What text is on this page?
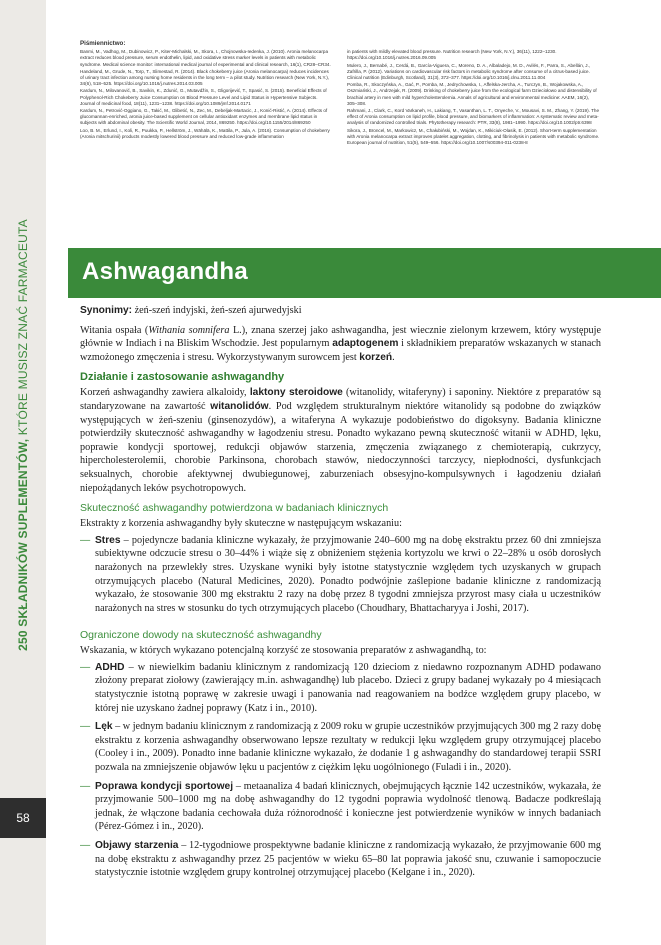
250 SKŁADNIKÓW SUPLEMENTÓW, KTÓRE MUSISZ ZNAĆ FARMACEUTA
58
Piśmiennictwo:
Banmi, M., Vadhog, M., Dubinowicz, P., Kiter-Michalski, M., Skora, I., Chojnowska-Iedenka, J. (2010). Aronia melanocarpa extract reduces blood pressure, serum endothelin, lipid, and oxidative stress marker levels in patients with metabolic syndrome. Medical science monitor: international medical journal of experimental and clinical research, 16(1), CR28–CR34.
Handeland, M., Grude, N., Torp, T., Slimestad, R. (2014). Black chokeberry juice (Aronia melanocarpa) reduces incidences of urinary tract infection among nursing home residents in the long term – a pilot study. Nutrition research (New York, N.Y.), 34(6), 518–525. https://doi.org/10.1016/j.nutres.2014.03.005
Kardum, N., Milovanović, B., Savikin, K., Zdunić, G., Mutavdžin, S., Gligorijević, T., Spasić, S. (2015). Beneficial Effects of Polyphenol-Rich Chokeberry Juice Consumption on Blood Pressure Level and Lipid Status in Hypertensive Subjects. Journal of medicinal food, 18(11), 1231–1238. https://doi.org/10.1089/jmf.2014.0171
Kardum, N., Petrović-Oggiano, G., Takić, M., Glibetić, N., Zec, M., Debeljak-Martacic, J., Konić-Ristić, A. (2014). Effects of glucomannan-enriched, aronia juice-based supplement on cellular antioxidant enzymes and membrane lipid status in subjects with abdominal obesity. The Scientific World Journal, 2014, 869250. https://doi.org/10.1155/2014/869250
Loo, B. M., Erlund, I., Koli, R., Puukka, P., Hellström, J., Wähälä, K., Mattila, P., Jula, A. (2016). Consumption of chokeberry (Aronia mitschurinii) products modestly lowered blood pressure and reduced low-grade inflammation
in patients with mildly elevated blood pressure. Nutrition research (New York, N.Y.), 36(11), 1222–1230. https://doi.org/10.1016/j.nutres.2016.09.005
Mulero, J., Bernabé, J., Cerdá, B., García-Viguera, C., Moreno, D. A., Albaladejo, M. D., Avilés, F., Parra, S., Abellán, J., Zafrilla, P. (2012). Variations on cardiovascular risk factors in metabolic syndrome after consume of a citrus-based juice. Clinical nutrition (Edinburgh, Scotland), 31(3), 372–377. https://doi.org/10.1016/j.clnu.2011.11.004
Pomba, R., Skoczyńska, A., Gać, P., Pomba, M., Jedrychowska, I., Affelska-Jercha, A., Turczyn, B., Wojakowska, A., Oszmiański, J., Andrzejak, R. (2009). Drinking of chokeberry juice from the ecological farm Dzieciołowo and distensibility of brachial artery in men with mild hypercholesterolemia. Annals of agricultural and environmental medicine: AAEM, 16(2), 305–308.
Rahmani, J., Clark, C., Kord Varkaneh, H., Lakiang, T., Vasanthan, L. T., Onyeche, V., Mousavi, S. M., Zhang, Y. (2019). The effect of Aronia consumption on lipid profile, blood pressure, and biomarkers of inflammation: A systematic review and meta-analysis of randomized controlled trials. Phytotherapy research: PTR, 33(8), 1981–1990. https://doi.org/10.1002/ptr.6398
Sikora, J., Broncel, M., Markowicz, M., Chałubiński, M., Wojdan, K., Mikiciuk-Olasik, E. (2012). Short-term supplementation with Aronia melanocarpa extract improves platelet aggregation, clotting, and fibrinolysis in patients with metabolic syndrome. European journal of nutrition, 51(5), 549–556. https://doi.org/10.1007/s00394-011-0238-8
Ashwagandha

Synonimy: żeń-szeń indyjski, żeń-szeń ajurwedyjski

Witania ospała (Withania somnifera L.), znana szerzej jako ashwagandha, jest wiecznie zielonym krzewem, który występuje głównie w Indiach i na Bliskim Wschodzie. Jest popularnym adaptogenem i składnikiem preparatów wskazanych w stanach wzmożonego zmęczenia i stresu. Wykorzystywanym surowcem jest korzeń.

Działanie i zastosowanie ashwagandhy

Korzeń ashwagandhy zawiera alkaloidy, laktony steroidowe (witanolidy, witaferyny) i saponiny. Niektóre z preparatów są standaryzowane na zawartość witanolidów. Pod względem strukturalnym niektóre witanolidy są podobne do związków występujących w żeń-szeniu (ginsenozydów), a witaferyna A wykazuje podobieństwo do digoksyny. Badania kliniczne potwierdziły skuteczność ashwagandhy w łagodzeniu stresu. Ponadto wykazano pewną skuteczność witanii w ADHD, lęku, poprawie kondycji sportowej, redukcji objawów starzenia, zmęczenia związanego z chemioterapią, cukrzycy, hipercholesterolemii, chorobie Parkinsona, chorobach stawów, niedoczynności tarczycy, niepłodności, dysfunkcjach seksualnych, chorobie afektywnej dwubiegunowej, zaburzeniach obsesyjno-kompulsywnych i łagodzeniu działań niepożądanych leków psychotropowych.

Skuteczność ashwagandhy potwierdzona w badaniach klinicznych

Ekstrakty z korzenia ashwagandhy były skuteczne w następującym wskazaniu:

— Stres – pojedyncze badania kliniczne wykazały, że przyjmowanie 240–600 mg na dobę ekstraktu przez 60 dni zmniejsza subiektywne odczucie stresu o 30–44% i wiąże się z obniżeniem stężenia kortyzolu we krwi o 22–28% u osób dorosłych narażonych na przewlekły stres. Uzyskane wyniki były istotne statystycznie względem tych uzyskanych w grupach otrzymujących placebo (Natural Medicines, 2020). Ponadto podwójnie zaślepione badanie kliniczne z randomizacją wykazało, że stosowanie 300 mg ekstraktu 2 razy na dobę przez 8 tygodni zmniejsza przyrost masy ciała u uczestników narażonych na stres w stosunku do tych otrzymujących placebo (Choudhary, Bhattacharyya i Joshi, 2017).
Ograniczone dowody na skuteczność ashwagandhy

Wskazania, w których wykazano potencjalną korzyść ze stosowania preparatów z ashwagandhą, to:

— ADHD – w niewielkim badaniu klinicznym z randomizacją 120 dzieciom z niedawno rozpoznanym ADHD podawano złożony preparat ziołowy (zawierający m.in. ashwagandhę) lub placebo. Dzieci z grupy badanej wykazały po 4 miesiącach statystycznie istotną poprawę w zakresie uwagi i panowania nad reagowaniem na bodźce względem grupy placebo, w której nie uzyskano żadnej poprawy (Katz i in., 2010).
— Lęk – w jednym badaniu klinicznym z randomizacją z 2009 roku w grupie uczestników przyjmujących 300 mg 2 razy dobę ekstraktu z korzenia ashwagandhy obserwowano lepsze rezultaty w redukcji lęku względem grupy otrzymującej placebo (Cooley i in., 2009). Ponadto inne badanie kliniczne wykazało, że dodanie 1 g ashwagandhy do standardowej terapii SSRI pozwala na zmniejszenie objawów lęku u pacjentów z ciężkim lęku uogólnionego (Fuladi i in., 2020).
— Poprawa kondycji sportowej – metaanaliza 4 badań klinicznych, obejmujących łącznie 142 uczestników, wykazała, że przyjmowanie 500–1000 mg na dobę ashwagandhy do 12 tygodni poprawia wydolność tlenową. Badacze podkreślają jednak, że włączone badania cechowała duża różnorodność i konieczne jest potwierdzenie wyników w innych badaniach (Pérez-Gómez i in., 2020).
— Objawy starzenia – 12-tygodniowe prospektywne badanie kliniczne z randomizacją wykazało, że przyjmowanie 600 mg na dobę ekstraktu z ashwagandhy przez 25 pacjentów w wieku 65–80 lat poprawia jakość snu, czuwanie i samopoczucie statystycznie istotnie względem grupy kontrolnej otrzymującej placebo (Kelgane i in., 2020).
